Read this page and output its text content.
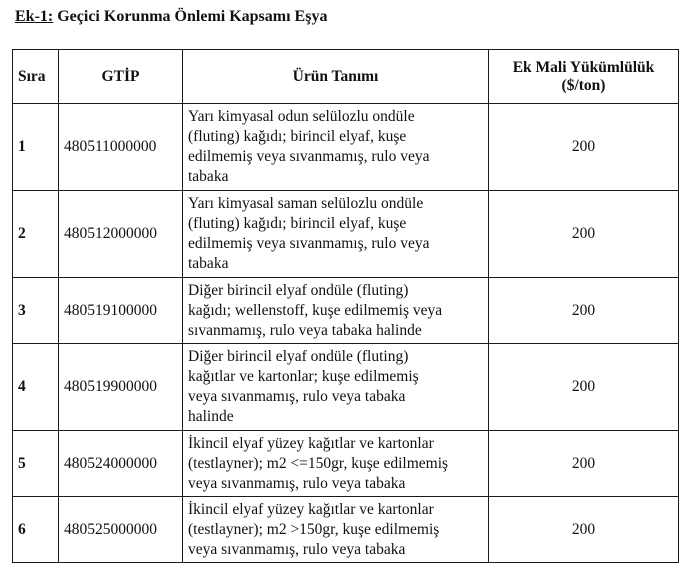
Ek-1: Geçici Korunma Önlemi Kapsamı Eşya
Sıra	GTİP	Ürün Tanımı	Ek Mali Yükümlülük
($/ton)
1	480511000000	Yarı kimyasal odun selülozlu ondüle
(fluting) kağıdı; birincil elyaf, kuşe
edilmemiş veya sıvanmamış, rulo veya
tabaka	200
2	480512000000	Yarı kimyasal saman selülozlu ondüle
(fluting) kağıdı; birincil elyaf, kuşe
edilmemiş veya sıvanmamış, rulo veya
tabaka	200
3	480519100000	Diğer birincil elyaf ondüle (fluting)
kağıdı; wellenstoff, kuşe edilmemiş veya
sıvanmamış, rulo veya tabaka halinde	200
4	480519900000	Diğer birincil elyaf ondüle (fluting)
kağıtlar ve kartonlar; kuşe edilmemiş
veya sıvanmamış, rulo veya tabaka
halinde	200
5	480524000000	İkincil elyaf yüzey kağıtlar ve kartonlar
(testlayner); m2 <=150gr, kuşe edilmemiş
veya sıvanmamış, rulo veya tabaka	200
6	480525000000	İkincil elyaf yüzey kağıtlar ve kartonlar
(testlayner); m2 >150gr, kuşe edilmemiş
veya sıvanmamış, rulo veya tabaka	200
